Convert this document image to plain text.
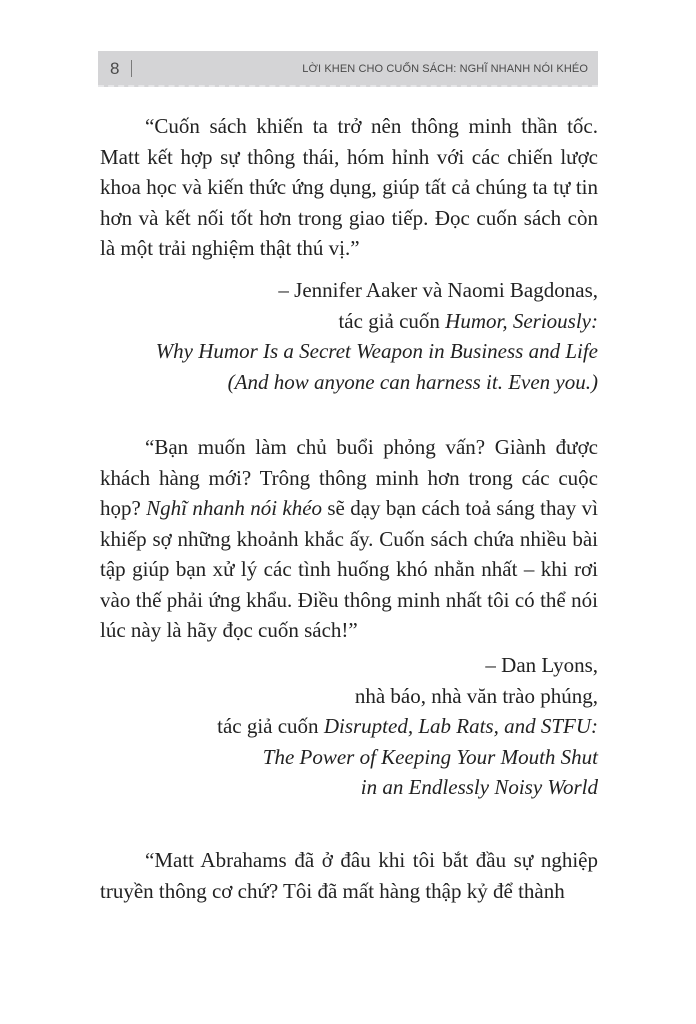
8	LỜI KHEN CHO CUỐN SÁCH: NGHĨ NHANH NÓI KHÉO

“Cuốn sách khiến ta trở nên thông minh thần tốc. Matt kết hợp sự thông thái, hóm hỉnh với các chiến lược khoa học và kiến thức ứng dụng, giúp tất cả chúng ta tự tin hơn và kết nối tốt hơn trong giao tiếp. Đọc cuốn sách còn là một trải nghiệm thật thú vị.”

– Jennifer Aaker và Naomi Bagdonas,
tác giả cuốn Humor, Seriously:
Why Humor Is a Secret Weapon in Business and Life
(And how anyone can harness it. Even you.)

“Bạn muốn làm chủ buổi phỏng vấn? Giành được khách hàng mới? Trông thông minh hơn trong các cuộc họp? Nghĩ nhanh nói khéo sẽ dạy bạn cách toả sáng thay vì khiếp sợ những khoảnh khắc ấy. Cuốn sách chứa nhiều bài tập giúp bạn xử lý các tình huống khó nhằn nhất – khi rơi vào thế phải ứng khẩu. Điều thông minh nhất tôi có thể nói lúc này là hãy đọc cuốn sách!”

– Dan Lyons,
nhà báo, nhà văn trào phúng,
tác giả cuốn Disrupted, Lab Rats, and STFU:
The Power of Keeping Your Mouth Shut
in an Endlessly Noisy World

“Matt Abrahams đã ở đâu khi tôi bắt đầu sự nghiệp truyền thông cơ chứ? Tôi đã mất hàng thập kỷ để thành
